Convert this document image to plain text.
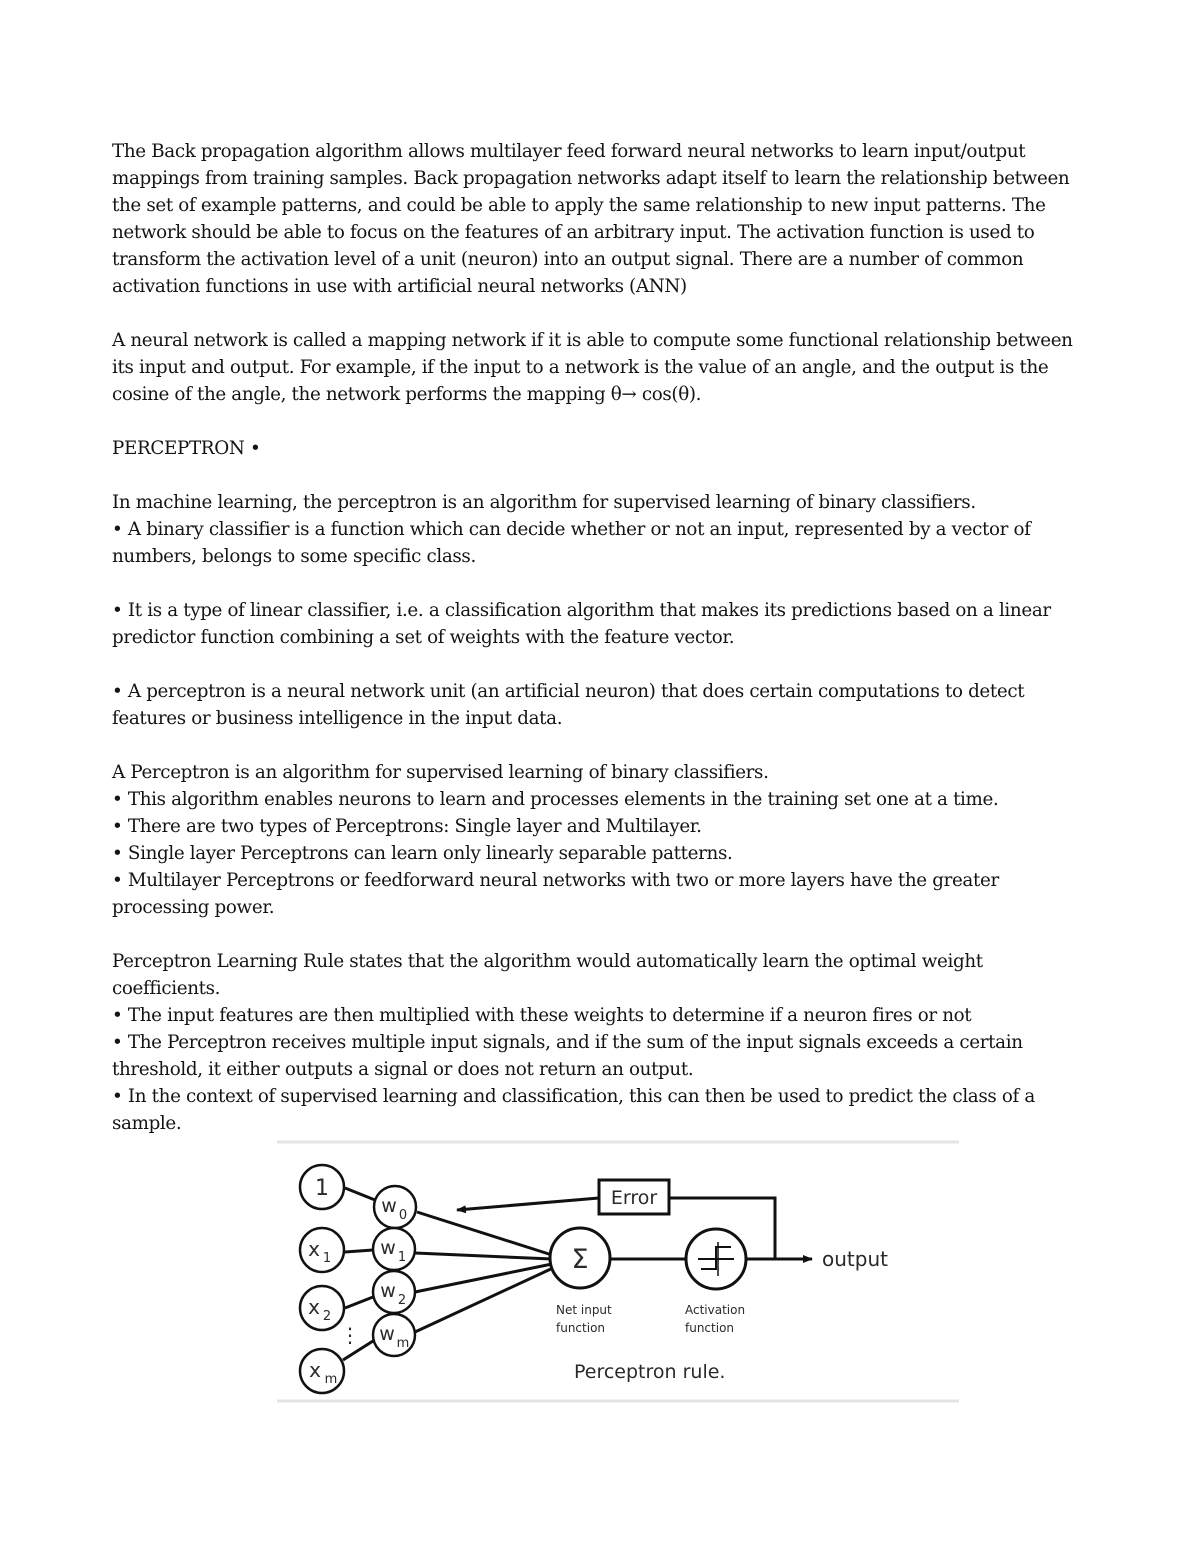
The Back propagation algorithm allows multilayer feed forward neural networks to learn input/output mappings from training samples. Back propagation networks adapt itself to learn the relationship between the set of example patterns, and could be able to apply the same relationship to new input patterns. The network should be able to focus on the features of an arbitrary input. The activation function is used to transform the activation level of a unit (neuron) into an output signal. There are a number of common activation functions in use with artificial neural networks (ANN)

A neural network is called a mapping network if it is able to compute some functional relationship between its input and output. For example, if the input to a network is the value of an angle, and the output is the cosine of the angle, the network performs the mapping θ→ cos(θ).

PERCEPTRON •

In machine learning, the perceptron is an algorithm for supervised learning of binary classifiers.

• A binary classifier is a function which can decide whether or not an input, represented by a vector of numbers, belongs to some specific class.

• It is a type of linear classifier, i.e. a classification algorithm that makes its predictions based on a linear predictor function combining a set of weights with the feature vector.

• A perceptron is a neural network unit (an artificial neuron) that does certain computations to detect features or business intelligence in the input data.

A Perceptron is an algorithm for supervised learning of binary classifiers.

• This algorithm enables neurons to learn and processes elements in the training set one at a time.

• There are two types of Perceptrons: Single layer and Multilayer.

• Single layer Perceptrons can learn only linearly separable patterns.

• Multilayer Perceptrons or feedforward neural networks with two or more layers have the greater processing power.

Perceptron Learning Rule states that the algorithm would automatically learn the optimal weight coefficients.

• The input features are then multiplied with these weights to determine if a neuron fires or not

• The Perceptron receives multiple input signals, and if the sum of the input signals exceeds a certain threshold, it either outputs a signal or does not return an output.

• In the context of supervised learning and classification, this can then be used to predict the class of a sample.

Error
1
x 1
x 2
⋮
x m
w 0
w 1
w 2
w m
Σ	output
Net input
function
Activation
function
Perceptron rule.
